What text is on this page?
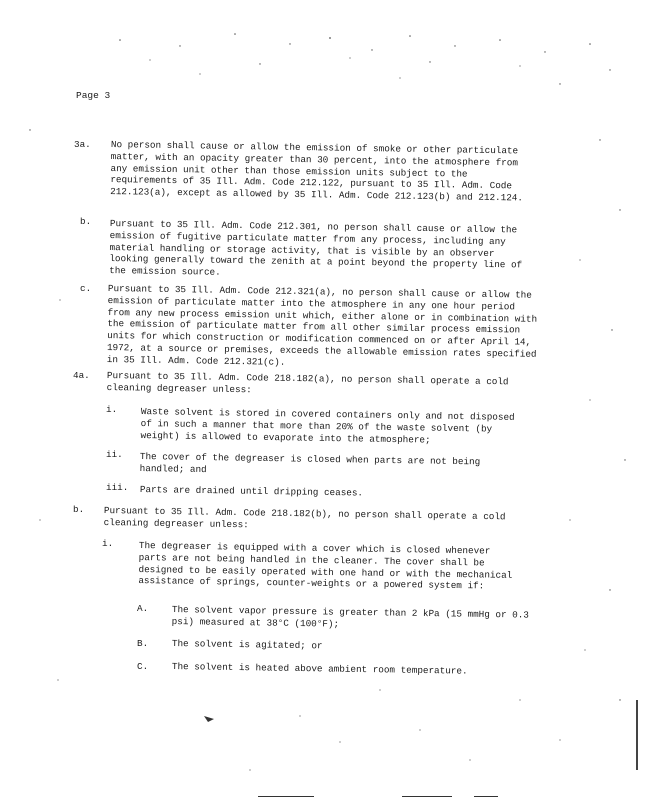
Page 3
3a. No person shall cause or allow the emission of smoke or other particulate matter, with an opacity greater than 30 percent, into the atmosphere from any emission unit other than those emission units subject to the requirements of 35 Ill. Adm. Code 212.122, pursuant to 35 Ill. Adm. Code 212.123(a), except as allowed by 35 Ill. Adm. Code 212.123(b) and 212.124.
b. Pursuant to 35 Ill. Adm. Code 212.301, no person shall cause or allow the emission of fugitive particulate matter from any process, including any material handling or storage activity, that is visible by an observer looking generally toward the zenith at a point beyond the property line of the emission source.
c. Pursuant to 35 Ill. Adm. Code 212.321(a), no person shall cause or allow the emission of particulate matter into the atmosphere in any one hour period from any new process emission unit which, either alone or in combination with the emission of particulate matter from all other similar process emission units for which construction or modification commenced on or after April 14, 1972, at a source or premises, exceeds the allowable emission rates specified in 35 Ill. Adm. Code 212.321(c).
4a. Pursuant to 35 Ill. Adm. Code 218.182(a), no person shall operate a cold cleaning degreaser unless:
i.	Waste solvent is stored in covered containers only and not disposed of in such a manner that more than 20% of the waste solvent (by weight) is allowed to evaporate into the atmosphere;
ii. The cover of the degreaser is closed when parts are not being handled; and
iii. Parts are drained until dripping ceases.
b. Pursuant to 35 Ill. Adm. Code 218.182(b), no person shall operate a cold cleaning degreaser unless:
i.	The degreaser is equipped with a cover which is closed whenever parts are not being handled in the cleaner. The cover shall be designed to be easily operated with one hand or with the mechanical assistance of springs, counter-weights or a powered system if:
A.	The solvent vapor pressure is greater than 2 kPa (15 mmHg or 0.3 psi) measured at 38°C (100°F);
B.	The solvent is agitated; or
C.	The solvent is heated above ambient room temperature.
